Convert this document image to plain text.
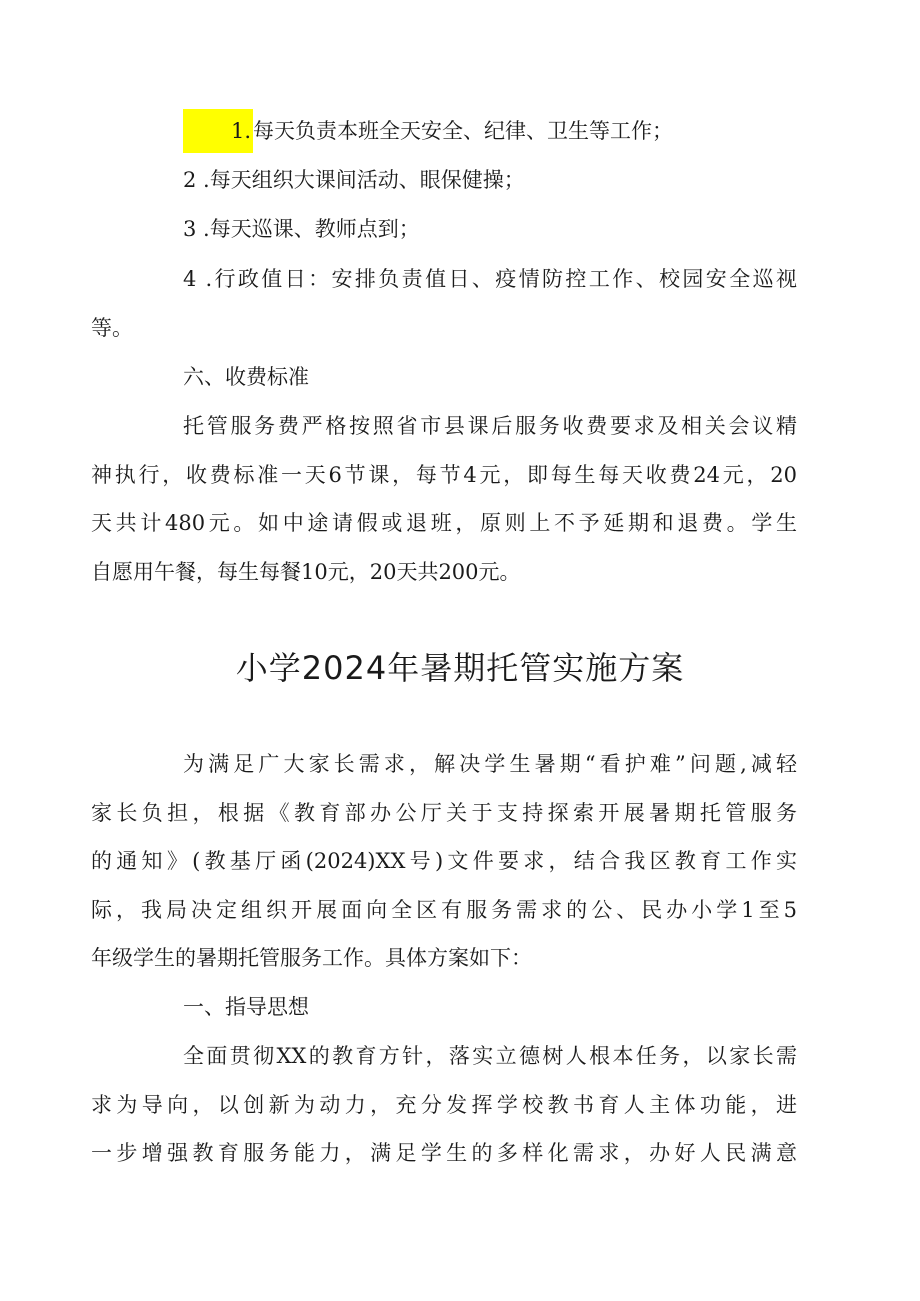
1.每天负责本班全天安全、纪律、卫生等工作；

2 .每天组织大课间活动、眼保健操；

3 .每天巡课、教师点到；

4 .行政值日：安排负责值日、疫情防控工作、校园安全巡视
等。

六、收费标准

托管服务费严格按照省市县课后服务收费要求及相关会议精
神执行，收费标准一天6节课，每节4元，即每生每天收费24元，20
天共计480元。如中途请假或退班，原则上不予延期和退费。学生
自愿用午餐，每生每餐10元，20天共200元。

小学2024年暑期托管实施方案

为满足广大家长需求，解决学生暑期“看护难”问题,减轻
家长负担，根据《教育部办公厅关于支持探索开展暑期托管服务
的通知》(教基厅函(2024)XX号)文件要求，结合我区教育工作实
际，我局决定组织开展面向全区有服务需求的公、民办小学1至5
年级学生的暑期托管服务工作。具体方案如下：

一、指导思想

全面贯彻XX的教育方针，落实立德树人根本任务，以家长需
求为导向，以创新为动力，充分发挥学校教书育人主体功能，进
一步增强教育服务能力，满足学生的多样化需求，办好人民满意
